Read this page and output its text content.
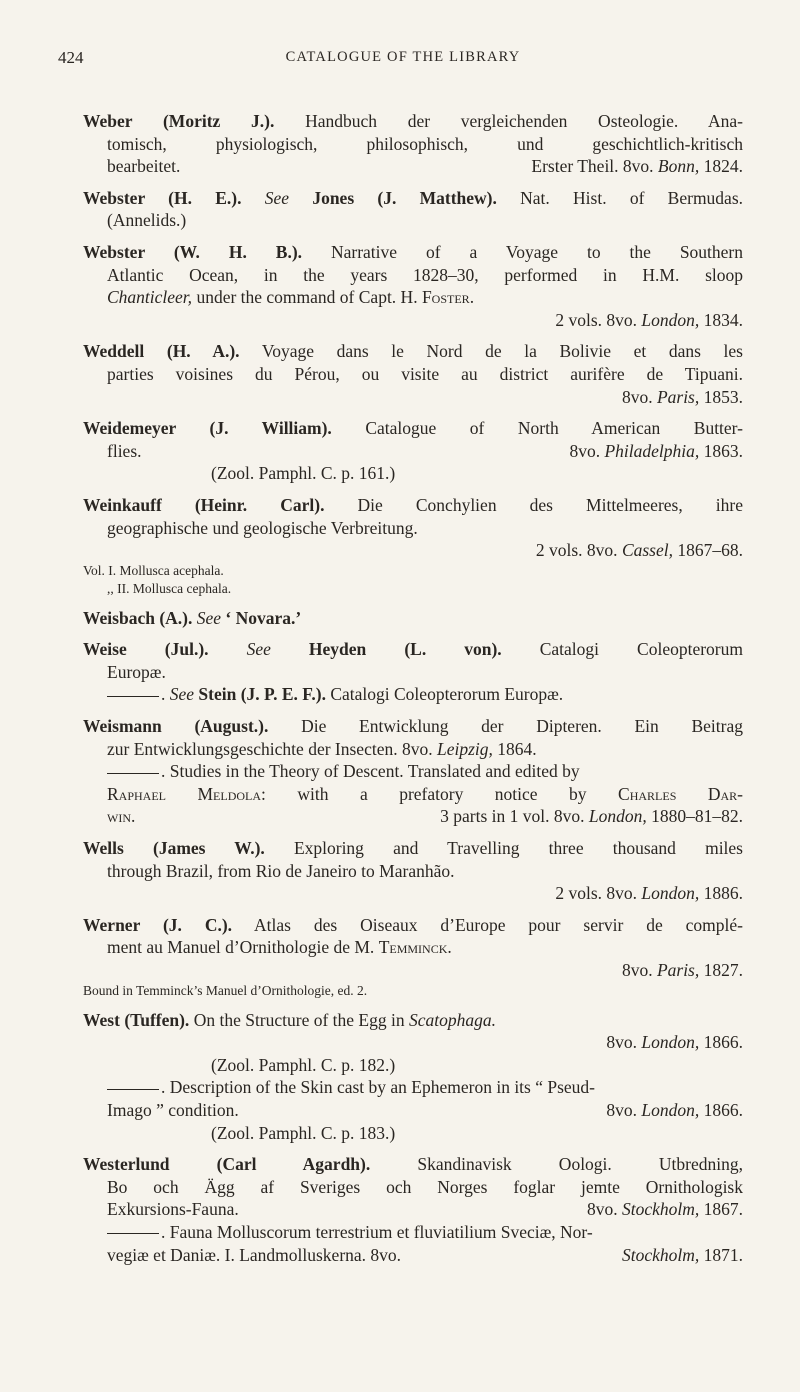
424	CATALOGUE OF THE LIBRARY
Weber (Moritz J.). Handbuch der vergleichenden Osteologie. Ana-
tomisch, physiologisch, philosophisch, und geschichtlich-kritisch
bearbeitet.	Erster Theil. 8vo. Bonn, 1824.
Webster (H. E.). See Jones (J. Matthew). Nat. Hist. of Bermudas.
(Annelids.)
Webster (W. H. B.). Narrative of a Voyage to the Southern
Atlantic Ocean, in the years 1828–30, performed in H.M. sloop
Chanticleer, under the command of Capt. H. Foster.
2 vols. 8vo. London, 1834.
Weddell (H. A.). Voyage dans le Nord de la Bolivie et dans les
parties voisines du Pérou, ou visite au district aurifère de Tipuani.
8vo. Paris, 1853.
Weidemeyer (J. William). Catalogue of North American Butter-
flies.	8vo. Philadelphia, 1863.
(Zool. Pamphl. C. p. 161.)
Weinkauff (Heinr. Carl). Die Conchylien des Mittelmeeres, ihre
geographische und geologische Verbreitung.
2 vols. 8vo. Cassel, 1867–68.
Vol. I. Mollusca acephala.
,, II. Mollusca cephala.
Weisbach (A.). See ‘ Novara.’
Weise (Jul.). See Heyden (L. von). Catalogi Coleopterorum
Europæ.
. See Stein (J. P. E. F.). Catalogi Coleopterorum Europæ.
Weismann (August.). Die Entwicklung der Dipteren. Ein Beitrag
zur Entwicklungsgeschichte der Insecten. 8vo. Leipzig, 1864.
. Studies in the Theory of Descent. Translated and edited by
Raphael Meldola: with a prefatory notice by Charles Dar-
win.	3 parts in 1 vol. 8vo. London, 1880–81–82.
Wells (James W.). Exploring and Travelling three thousand miles
through Brazil, from Rio de Janeiro to Maranhão.
2 vols. 8vo. London, 1886.
Werner (J. C.). Atlas des Oiseaux d’Europe pour servir de complé-
ment au Manuel d’Ornithologie de M. Temminck.
8vo. Paris, 1827.
Bound in Temminck’s Manuel d’Ornithologie, ed. 2.
West (Tuffen). On the Structure of the Egg in Scatophaga.
8vo. London, 1866.
(Zool. Pamphl. C. p. 182.)
. Description of the Skin cast by an Ephemeron in its “ Pseud-
Imago ” condition.	8vo. London, 1866.
(Zool. Pamphl. C. p. 183.)
Westerlund (Carl Agardh).	Skandinavisk Oologi. Utbredning,
Bo och Ägg af Sveriges och Norges foglar jemte Ornithologisk
Exkursions-Fauna.	8vo. Stockholm, 1867.
. Fauna Molluscorum terrestrium et fluviatilium Sveciæ, Nor-
vegiæ et Daniæ. I. Landmolluskerna. 8vo.	Stockholm, 1871.
